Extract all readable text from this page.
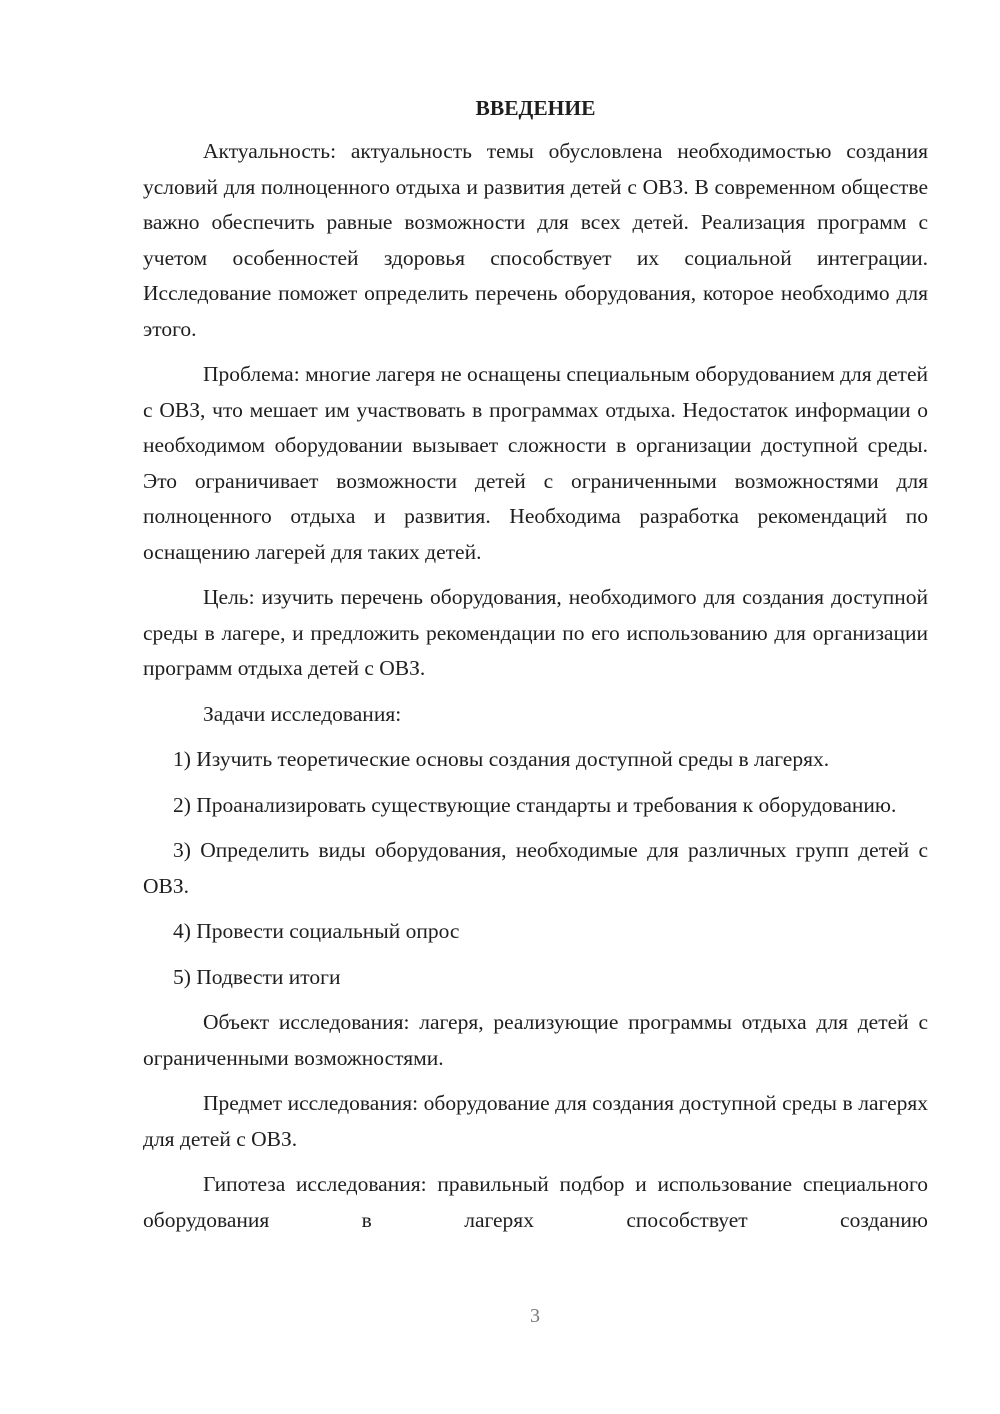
ВВЕДЕНИЕ

Актуальность: актуальность темы обусловлена необходимостью создания условий для полноценного отдыха и развития детей с ОВЗ. В современном обществе важно обеспечить равные возможности для всех детей. Реализация программ с учетом особенностей здоровья способствует их социальной интеграции. Исследование поможет определить перечень оборудования, которое необходимо для этого.

Проблема: многие лагеря не оснащены специальным оборудованием для детей с ОВЗ, что мешает им участвовать в программах отдыха. Недостаток информации о необходимом оборудовании вызывает сложности в организации доступной среды. Это ограничивает возможности детей с ограниченными возможностями для полноценного отдыха и развития. Необходима разработка рекомендаций по оснащению лагерей для таких детей.

Цель: изучить перечень оборудования, необходимого для создания доступной среды в лагере, и предложить рекомендации по его использованию для организации программ отдыха детей с ОВЗ.

Задачи исследования:

1) Изучить теоретические основы создания доступной среды в лагерях.

2) Проанализировать существующие стандарты и требования к оборудованию.

3) Определить виды оборудования, необходимые для различных групп детей с ОВЗ.

4) Провести социальный опрос

5) Подвести итоги

Объект исследования: лагеря, реализующие программы отдыха для детей с ограниченными возможностями.

Предмет исследования: оборудование для создания доступной среды в лагерях для детей с ОВЗ.

Гипотеза исследования: правильный подбор и использование специального оборудования в лагерях способствует созданию

3
